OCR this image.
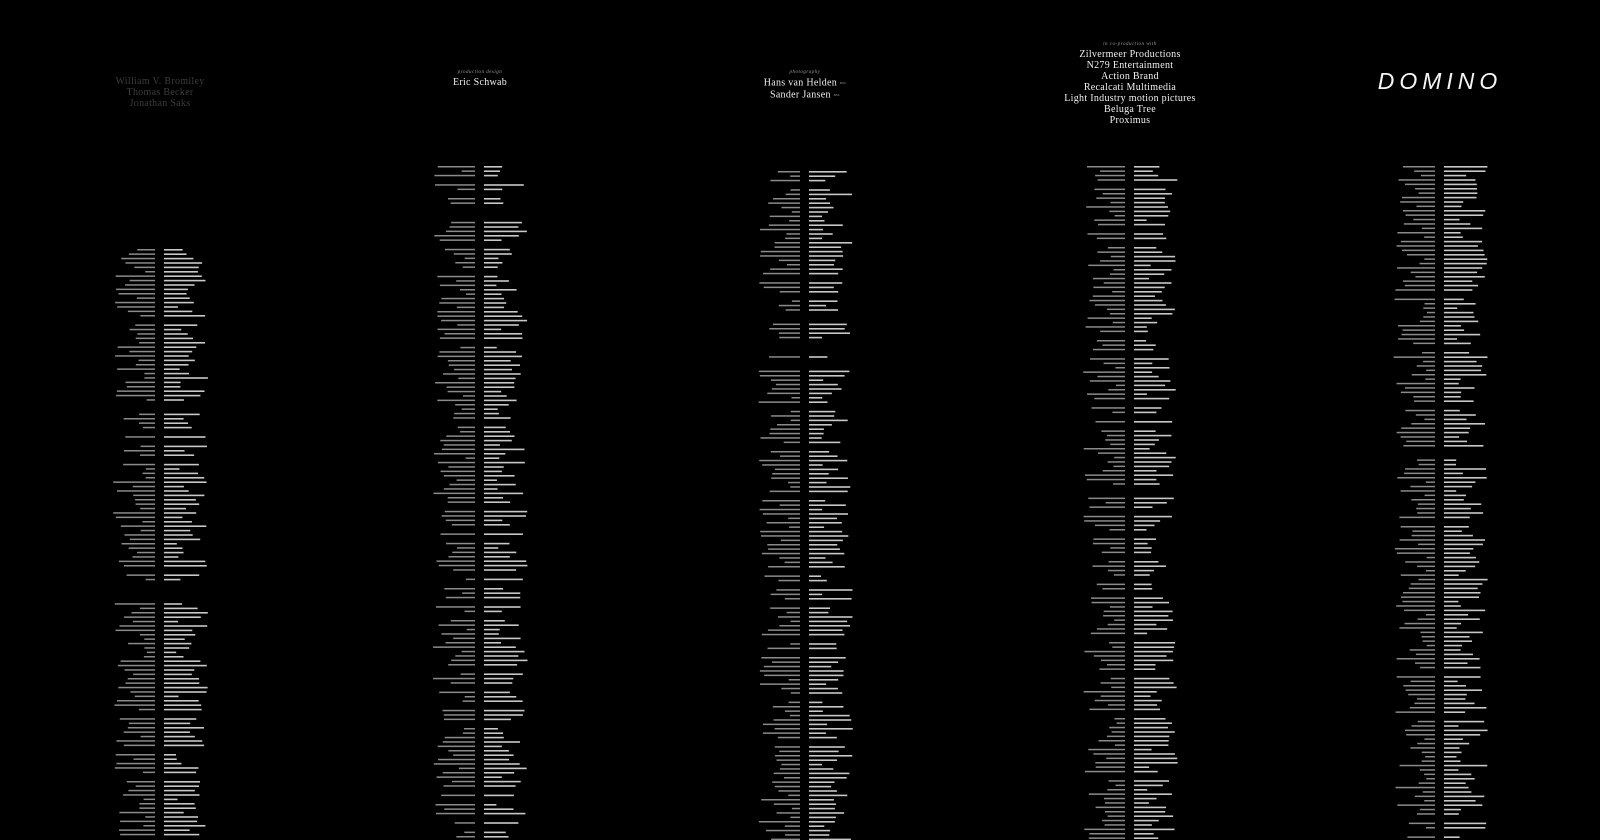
William V. Bromiley
Thomas Becker
Jonathan Saks
production design
Eric Schwab
photography
Hans van Helden nsc
Sander Jansen nsc
in co-production with
Zilvermeer Productions
N279 Entertainment
Action Brand
Recalcati Multimedia
Light Industry motion pictures
Beluga Tree
Proximus
DOMINO
